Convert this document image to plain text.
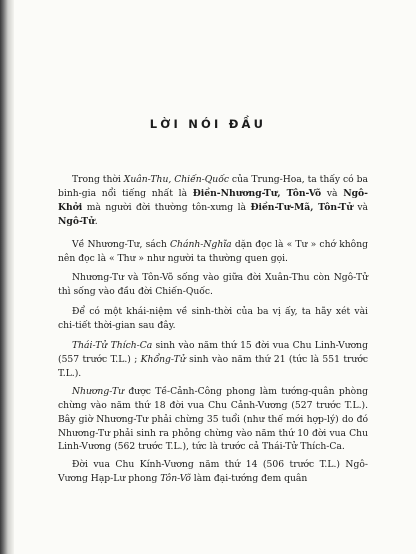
LỜI NÓI ĐẦU

Trong thời Xuân-Thu, Chiến-Quốc của Trung-Hoa, ta thấy có ba binh-gia nổi tiếng nhất là Điền-Nhương-Tư, Tôn-Võ và Ngô-Khởi mà người đời thường tôn-xưng là Điền-Tư-Mã, Tôn-Tử và Ngô-Tử.

Về Nhương-Tư, sách Chánh-Nghĩa dặn đọc là « Tư » chớ không nên đọc là « Thư » như người ta thường quen gọi.

Nhương-Tư và Tôn-Võ sống vào giữa đời Xuân-Thu còn Ngô-Tử thì sống vào đầu đời Chiến-Quốc.

Để có một khái-niệm về sinh-thời của ba vị ấy, ta hãy xét vài chi-tiết thời-gian sau đây.

Thái-Tử Thích-Ca sinh vào năm thứ 15 đời vua Chu Linh-Vương (557 trước T.L.) ; Khổng-Tử sinh vào năm thứ 21 (tức là 551 trước T.L.).

Nhương-Tư được Tề-Cảnh-Công phong làm tướng-quân phòng chừng vào năm thứ 18 đời vua Chu Cảnh-Vương (527 trước T.L.). Bây giờ Nhương-Tư phải chừng 35 tuổi (như thế mới hợp-lý) do đó Nhương-Tư phải sinh ra phỏng chừng vào năm thứ 10 đời vua Chu Linh-Vương (562 trước T.L.), tức là trước cả Thái-Tử Thích-Ca.

Đời vua Chu Kính-Vương năm thứ 14 (506 trước T.L.) Ngô-Vương Hạp-Lư phong Tôn-Võ làm đại-tướng đem quân
